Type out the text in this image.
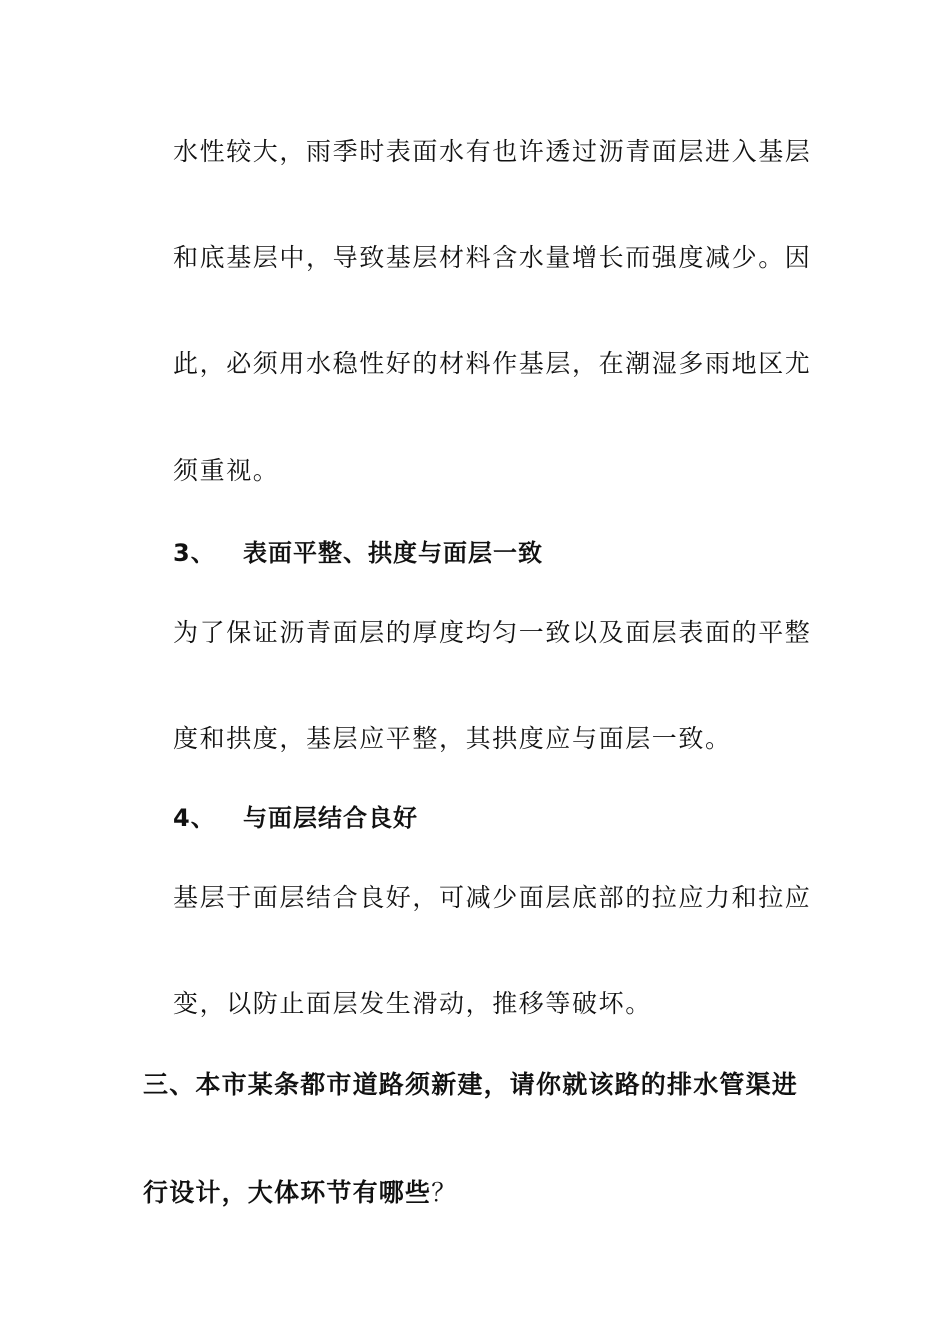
水性较大，雨季时表面水有也许透过沥青面层进入基层
和底基层中，导致基层材料含水量增长而强度减少。因
此，必须用水稳性好的材料作基层，在潮湿多雨地区尤
须重视。
3、 表面平整、拱度与面层一致
为了保证沥青面层的厚度均匀一致以及面层表面的平整
度和拱度，基层应平整，其拱度应与面层一致。
4、 与面层结合良好
基层于面层结合良好，可减少面层底部的拉应力和拉应
变，以防止面层发生滑动，推移等破坏。
三、本市某条都市道路须新建，请你就该路的排水管渠进
行设计，大体环节有哪些？
